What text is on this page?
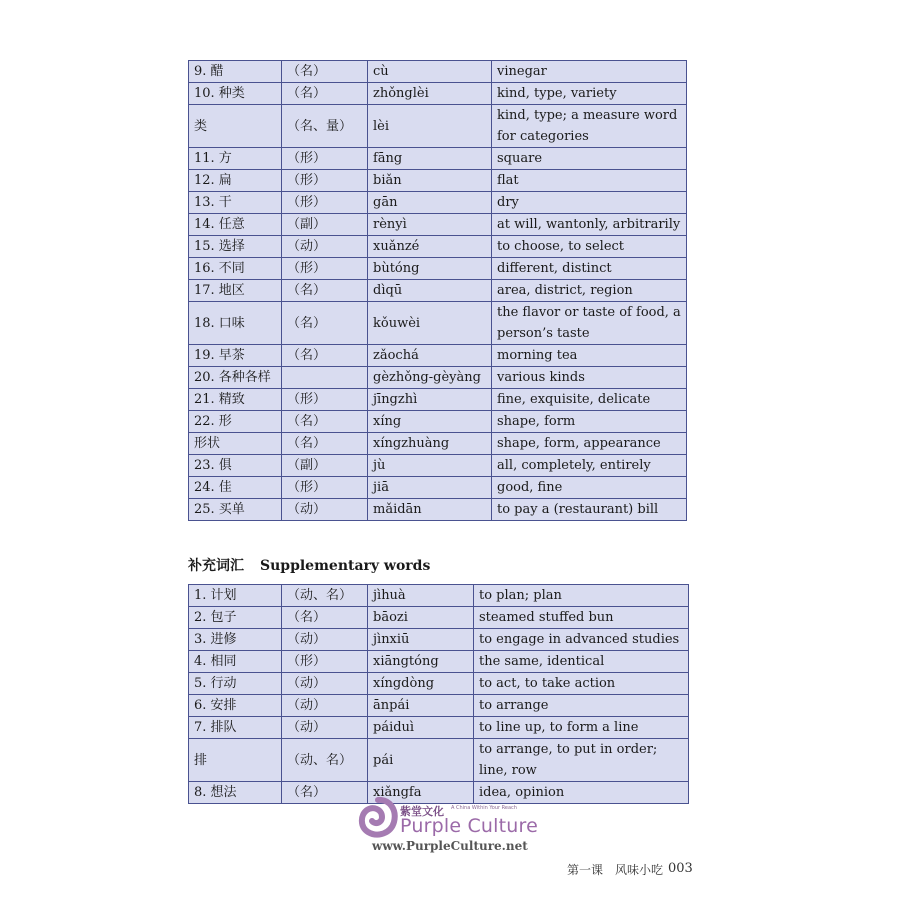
9. 醋	（名）	cù	vinegar
10. 种类	（名）	zhǒnglèi	kind, type, variety
类	（名、量）	lèi	kind, type; a measure word for categories
11. 方	（形）	fāng	square
12. 扁	（形）	biǎn	flat
13. 干	（形）	gān	dry
14. 任意	（副）	rènyì	at will, wantonly, arbitrarily
15. 选择	（动）	xuǎnzé	to choose, to select
16. 不同	（形）	bùtóng	different, distinct
17. 地区	（名）	dìqū	area, district, region
18. 口味	（名）	kǒuwèi	the flavor or taste of food, a person’s taste
19. 早茶	（名）	zǎochá	morning tea
20. 各种各样		gèzhǒng-gèyàng	various kinds
21. 精致	（形）	jīngzhì	fine, exquisite, delicate
22. 形	（名）	xíng	shape, form
形状	（名）	xíngzhuàng	shape, form, appearance
23. 俱	（副）	jù	all, completely, entirely
24. 佳	（形）	jiā	good, fine
25. 买单	（动）	mǎidān	to pay a (restaurant) bill
补充词汇 Supplementary words
1. 计划	（动、名）	jìhuà	to plan; plan
2. 包子	（名）	bāozi	steamed stuffed bun
3. 进修	（动）	jìnxiū	to engage in advanced studies
4. 相同	（形）	xiāngtóng	the same, identical
5. 行动	（动）	xíngdòng	to act, to take action
6. 安排	（动）	ānpái	to arrange
7. 排队	（动）	páiduì	to line up, to form a line
排	（动、名）	pái	to arrange, to put in order; line, row
8. 想法	（名）	xiǎngfa	idea, opinion
紫堂文化 A China Within Your Reach
Purple Culture
www.PurpleCulture.net
第一课 风味小吃 003
